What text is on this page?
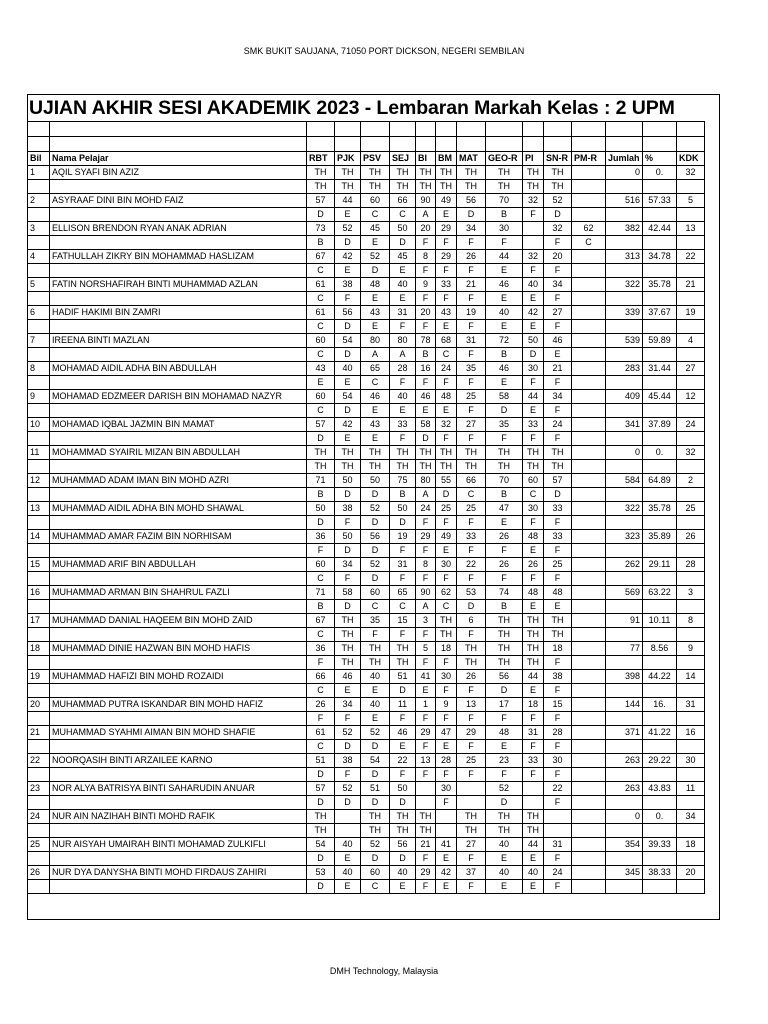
SMK BUKIT SAUJANA, 71050 PORT DICKSON, NEGERI SEMBILAN
UJIAN AKHIR SESI AKADEMIK 2023 - Lembaran Markah Kelas : 2 UPM

Bil	Nama Pelajar	RBT	PJK	PSV	SEJ	BI	BM	MAT	GEO-R	PI	SN-R	PM-R	Jumlah	%	KDK
1	AQIL SYAFI BIN AZIZ	TH	TH	TH	TH	TH	TH	TH	TH	TH	TH		0	0.	32
		TH	TH	TH	TH	TH	TH	TH	TH	TH	TH				
2	ASYRAAF DINI BIN MOHD FAIZ	57	44	60	66	90	49	56	70	32	52		516	57.33	5
		D	E	C	C	A	E	D	B	F	D				
3	ELLISON BRENDON RYAN ANAK ADRIAN	73	52	45	50	20	29	34	30		32	62	382	42.44	13
		B	D	E	D	F	F	F	F		F	C			
4	FATHULLAH ZIKRY BIN MOHAMMAD HASLIZAM	67	42	52	45	8	29	26	44	32	20		313	34.78	22
		C	E	D	E	F	F	F	E	F	F				
5	FATIN NORSHAFIRAH BINTI MUHAMMAD AZLAN	61	38	48	40	9	33	21	46	40	34		322	35.78	21
		C	F	E	E	F	F	F	E	E	F				
6	HADIF HAKIMI BIN ZAMRI	61	56	43	31	20	43	19	40	42	27		339	37.67	19
		C	D	E	F	F	E	F	E	E	F				
7	IREENA BINTI MAZLAN	60	54	80	80	78	68	31	72	50	46		539	59.89	4
		C	D	A	A	B	C	F	B	D	E				
8	MOHAMAD AIDIL ADHA BIN ABDULLAH	43	40	65	28	16	24	35	46	30	21		283	31.44	27
		E	E	C	F	F	F	F	E	F	F				
9	MOHAMAD EDZMEER DARISH BIN MOHAMAD NAZYR	60	54	46	40	46	48	25	58	44	34		409	45.44	12
		C	D	E	E	E	E	F	D	E	F				
10	MOHAMAD IQBAL JAZMIN BIN MAMAT	57	42	43	33	58	32	27	35	33	24		341	37.89	24
		D	E	E	F	D	F	F	F	F	F				
11	MOHAMMAD SYAIRIL MIZAN BIN ABDULLAH	TH	TH	TH	TH	TH	TH	TH	TH	TH	TH		0	0.	32
		TH	TH	TH	TH	TH	TH	TH	TH	TH	TH				
12	MUHAMMAD ADAM IMAN BIN MOHD AZRI	71	50	50	75	80	55	66	70	60	57		584	64.89	2
		B	D	D	B	A	D	C	B	C	D				
13	MUHAMMAD AIDIL ADHA BIN MOHD SHAWAL	50	38	52	50	24	25	25	47	30	33		322	35.78	25
		D	F	D	D	F	F	F	E	F	F				
14	MUHAMMAD AMAR FAZIM BIN NORHISAM	36	50	56	19	29	49	33	26	48	33		323	35.89	26
		F	D	D	F	F	E	F	F	E	F				
15	MUHAMMAD ARIF BIN ABDULLAH	60	34	52	31	8	30	22	26	26	25		262	29.11	28
		C	F	D	F	F	F	F	F	F	F				
16	MUHAMMAD ARMAN BIN SHAHRUL FAZLI	71	58	60	65	90	62	53	74	48	48		569	63.22	3
		B	D	C	C	A	C	D	B	E	E				
17	MUHAMMAD DANIAL HAQEEM BIN MOHD ZAID	67	TH	35	15	3	TH	6	TH	TH	TH		91	10.11	8
		C	TH	F	F	F	TH	F	TH	TH	TH				
18	MUHAMMAD DINIE HAZWAN BIN MOHD HAFIS	36	TH	TH	TH	5	18	TH	TH	TH	18		77	8.56	9
		F	TH	TH	TH	F	F	TH	TH	TH	F				
19	MUHAMMAD HAFIZI BIN MOHD ROZAIDI	66	46	40	51	41	30	26	56	44	38		398	44.22	14
		C	E	E	D	E	F	F	D	E	F				
20	MUHAMMAD PUTRA ISKANDAR BIN MOHD HAFIZ	26	34	40	11	1	9	13	17	18	15		144	16.	31
		F	F	E	F	F	F	F	F	F	F				
21	MUHAMMAD SYAHMI AIMAN BIN MOHD SHAFIE	61	52	52	46	29	47	29	48	31	28		371	41.22	16
		C	D	D	E	F	E	F	E	F	F				
22	NOORQASIH BINTI ARZAILEE KARNO	51	38	54	22	13	28	25	23	33	30		263	29.22	30
		D	F	D	F	F	F	F	F	F	F				
23	NOR ALYA BATRISYA BINTI SAHARUDIN ANUAR	57	52	51	50		30		52		22		263	43.83	11
		D	D	D	D		F		D		F				
24	NUR AIN NAZIHAH BINTI MOHD RAFIK	TH		TH	TH	TH		TH	TH	TH			0	0.	34
		TH		TH	TH	TH		TH	TH	TH					
25	NUR AISYAH UMAIRAH BINTI MOHAMAD ZULKIFLI	54	40	52	56	21	41	27	40	44	31		354	39.33	18
		D	E	D	D	F	E	F	E	E	F				
26	NUR DYA DANYSHA BINTI MOHD FIRDAUS ZAHIRI	53	40	60	40	29	42	37	40	40	24		345	38.33	20
		D	E	C	E	F	E	F	E	E	F				
DMH Technology, Malaysia
